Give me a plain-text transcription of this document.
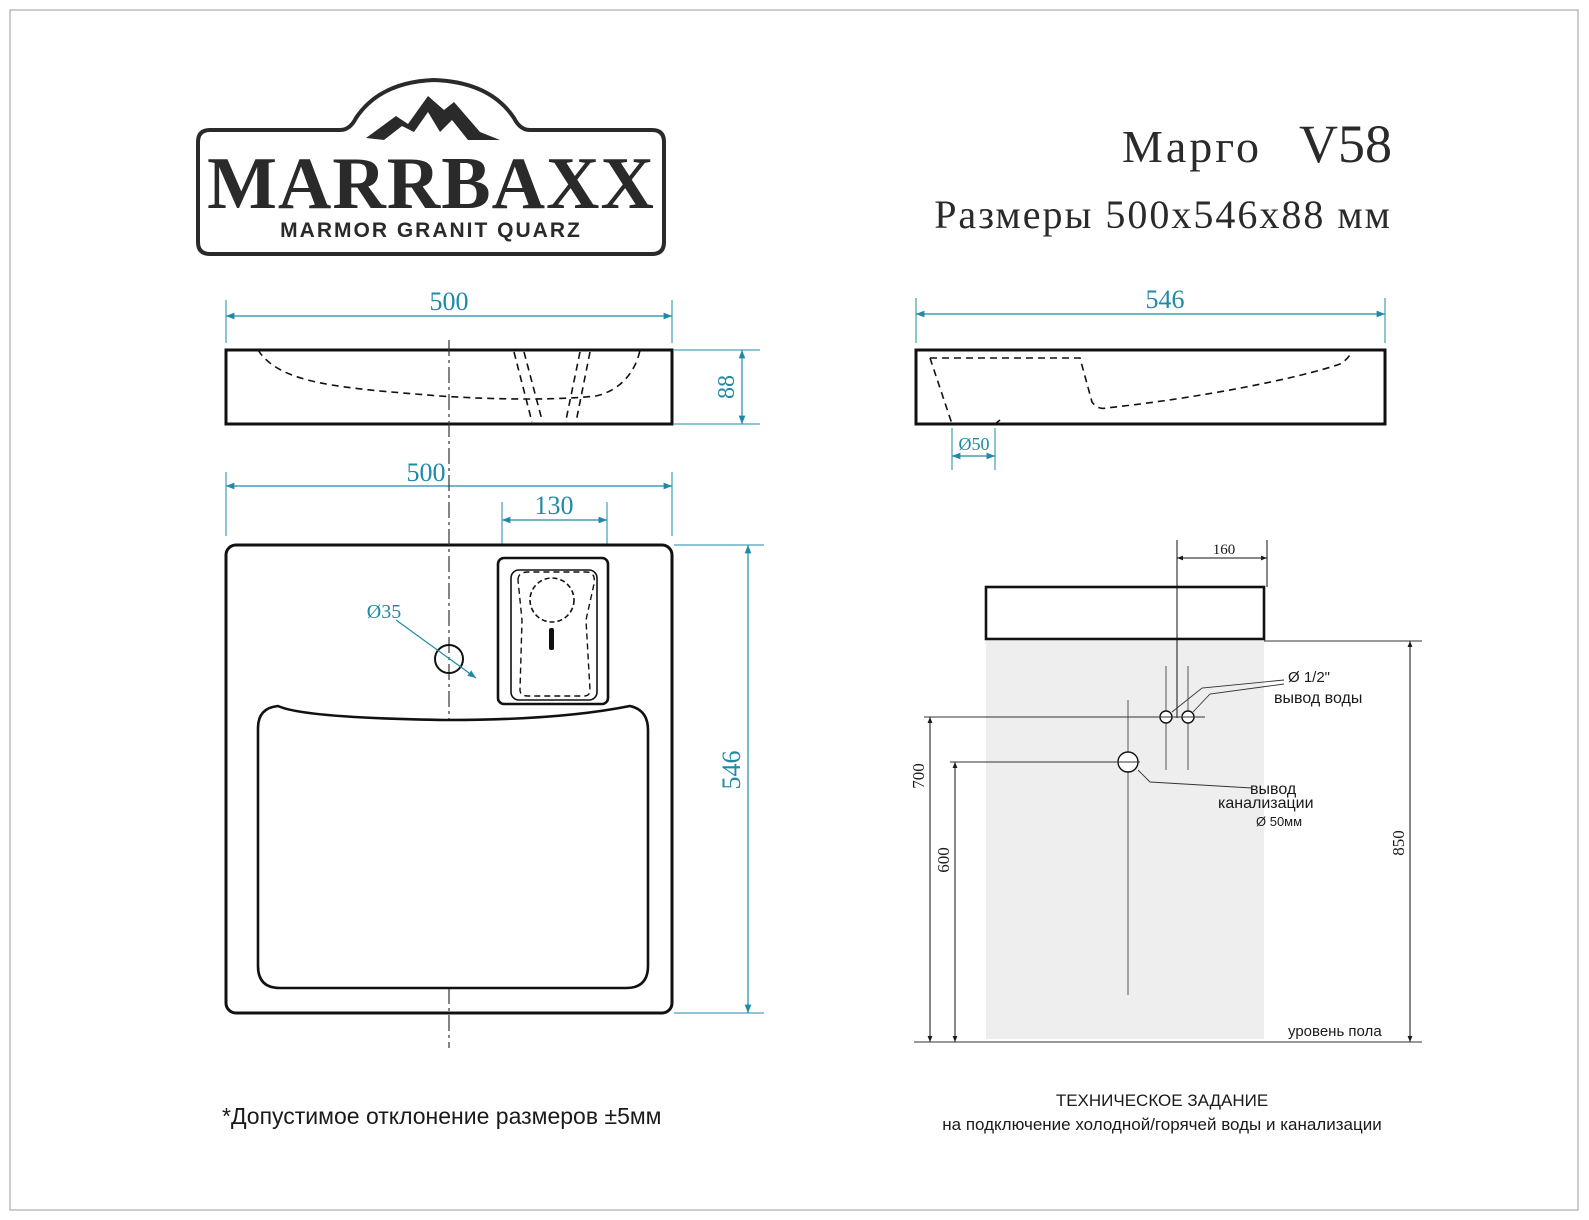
MARRBAXX
MARMOR GRANIT QUARZ
Марго V58
Размеры 500х546х88 мм
500
88
546
Ø50
500
130
Ø35
546
160
700
600
850
Ø 1/2"
вывод воды
вывод
канализации
Ø 50мм
уровень пола
*Допустимое отклонение размеров ±5мм
ТЕХНИЧЕСКОЕ ЗАДАНИЕ
на подключение холодной/горячей воды и канализации
